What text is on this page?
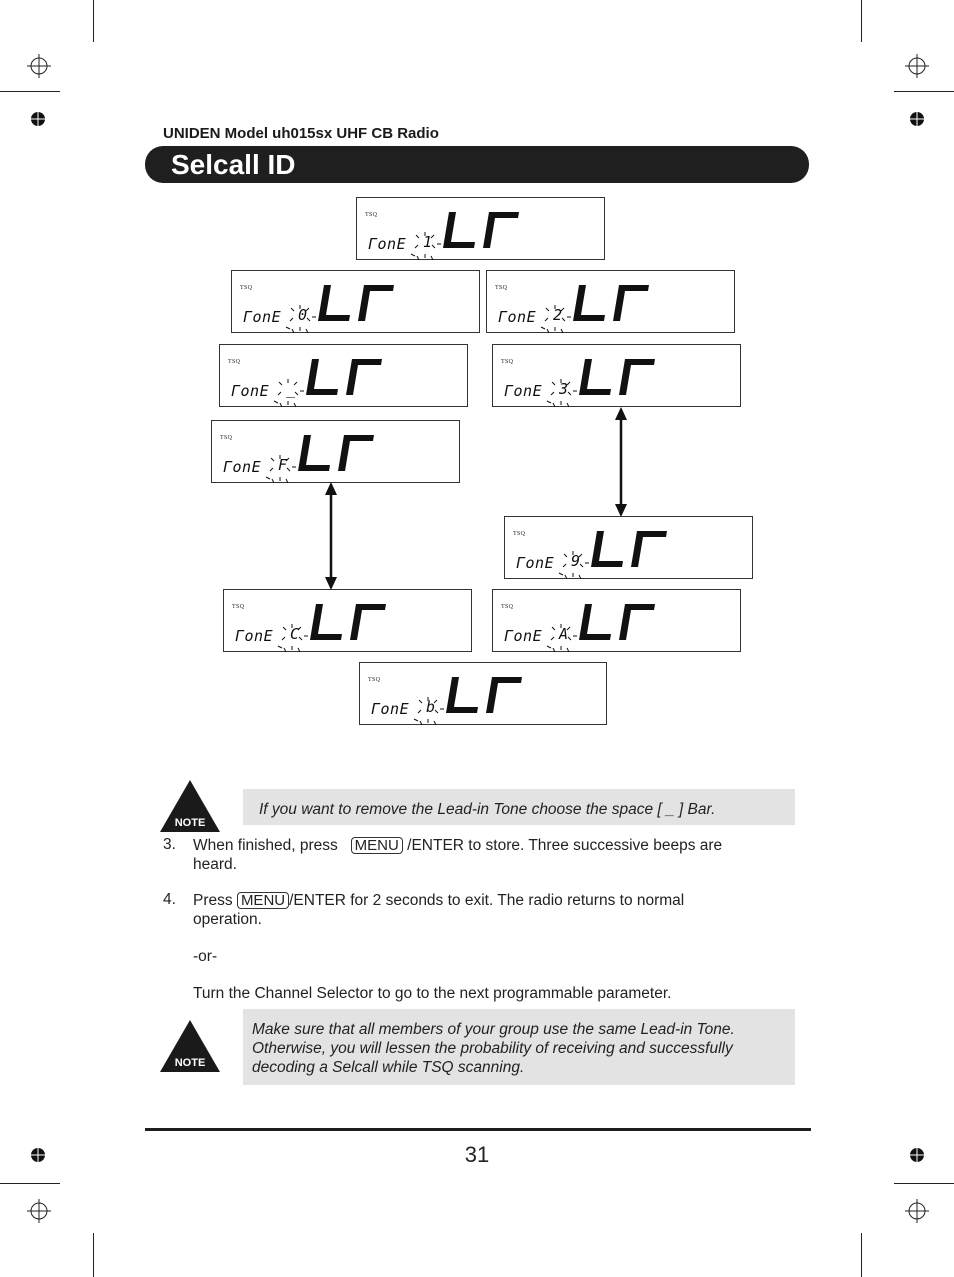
UNIDEN Model uh015sx UHF CB Radio
Selcall ID
TSQ
ГonE 1
TSQ
ГonE 0
TSQ
ГonE 2
TSQ
ГonE _
TSQ
ГonE 3
TSQ
ГonE F
TSQ
ГonE 9
TSQ
ГonE C
TSQ
ГonE A
TSQ
ГonE b
NOTE
If you want to remove the Lead-in Tone choose the space [ _ ] Bar.
3.	When finished, press MENU /ENTER to store. Three successive beeps are
heard.
4.	Press MENU /ENTER for 2 seconds to exit. The radio returns to normal
operation.
-or-
Turn the Channel Selector to go to the next programmable parameter.
NOTE
Make sure that all members of your group use the same Lead-in Tone.
Otherwise, you will lessen the probability of receiving and successfully
decoding a Selcall while TSQ scanning.
31
